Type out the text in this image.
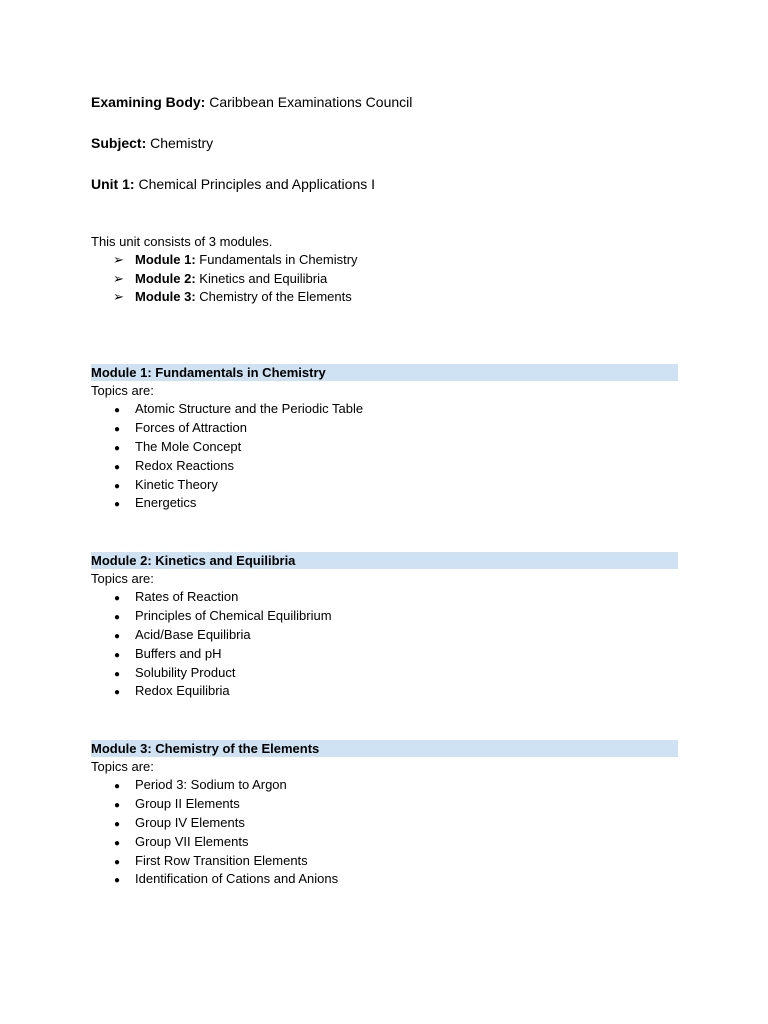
Examining Body: Caribbean Examinations Council
Subject: Chemistry
Unit 1: Chemical Principles and Applications I
This unit consists of 3 modules.
➢ Module 1: Fundamentals in Chemistry
➢ Module 2: Kinetics and Equilibria
➢ Module 3: Chemistry of the Elements
Module 1: Fundamentals in Chemistry
Topics are:
● Atomic Structure and the Periodic Table
● Forces of Attraction
● The Mole Concept
● Redox Reactions
● Kinetic Theory
● Energetics
Module 2: Kinetics and Equilibria
Topics are:
● Rates of Reaction
● Principles of Chemical Equilibrium
● Acid/Base Equilibria
● Buffers and pH
● Solubility Product
● Redox Equilibria
Module 3: Chemistry of the Elements
Topics are:
● Period 3: Sodium to Argon
● Group II Elements
● Group IV Elements
● Group VII Elements
● First Row Transition Elements
● Identification of Cations and Anions
